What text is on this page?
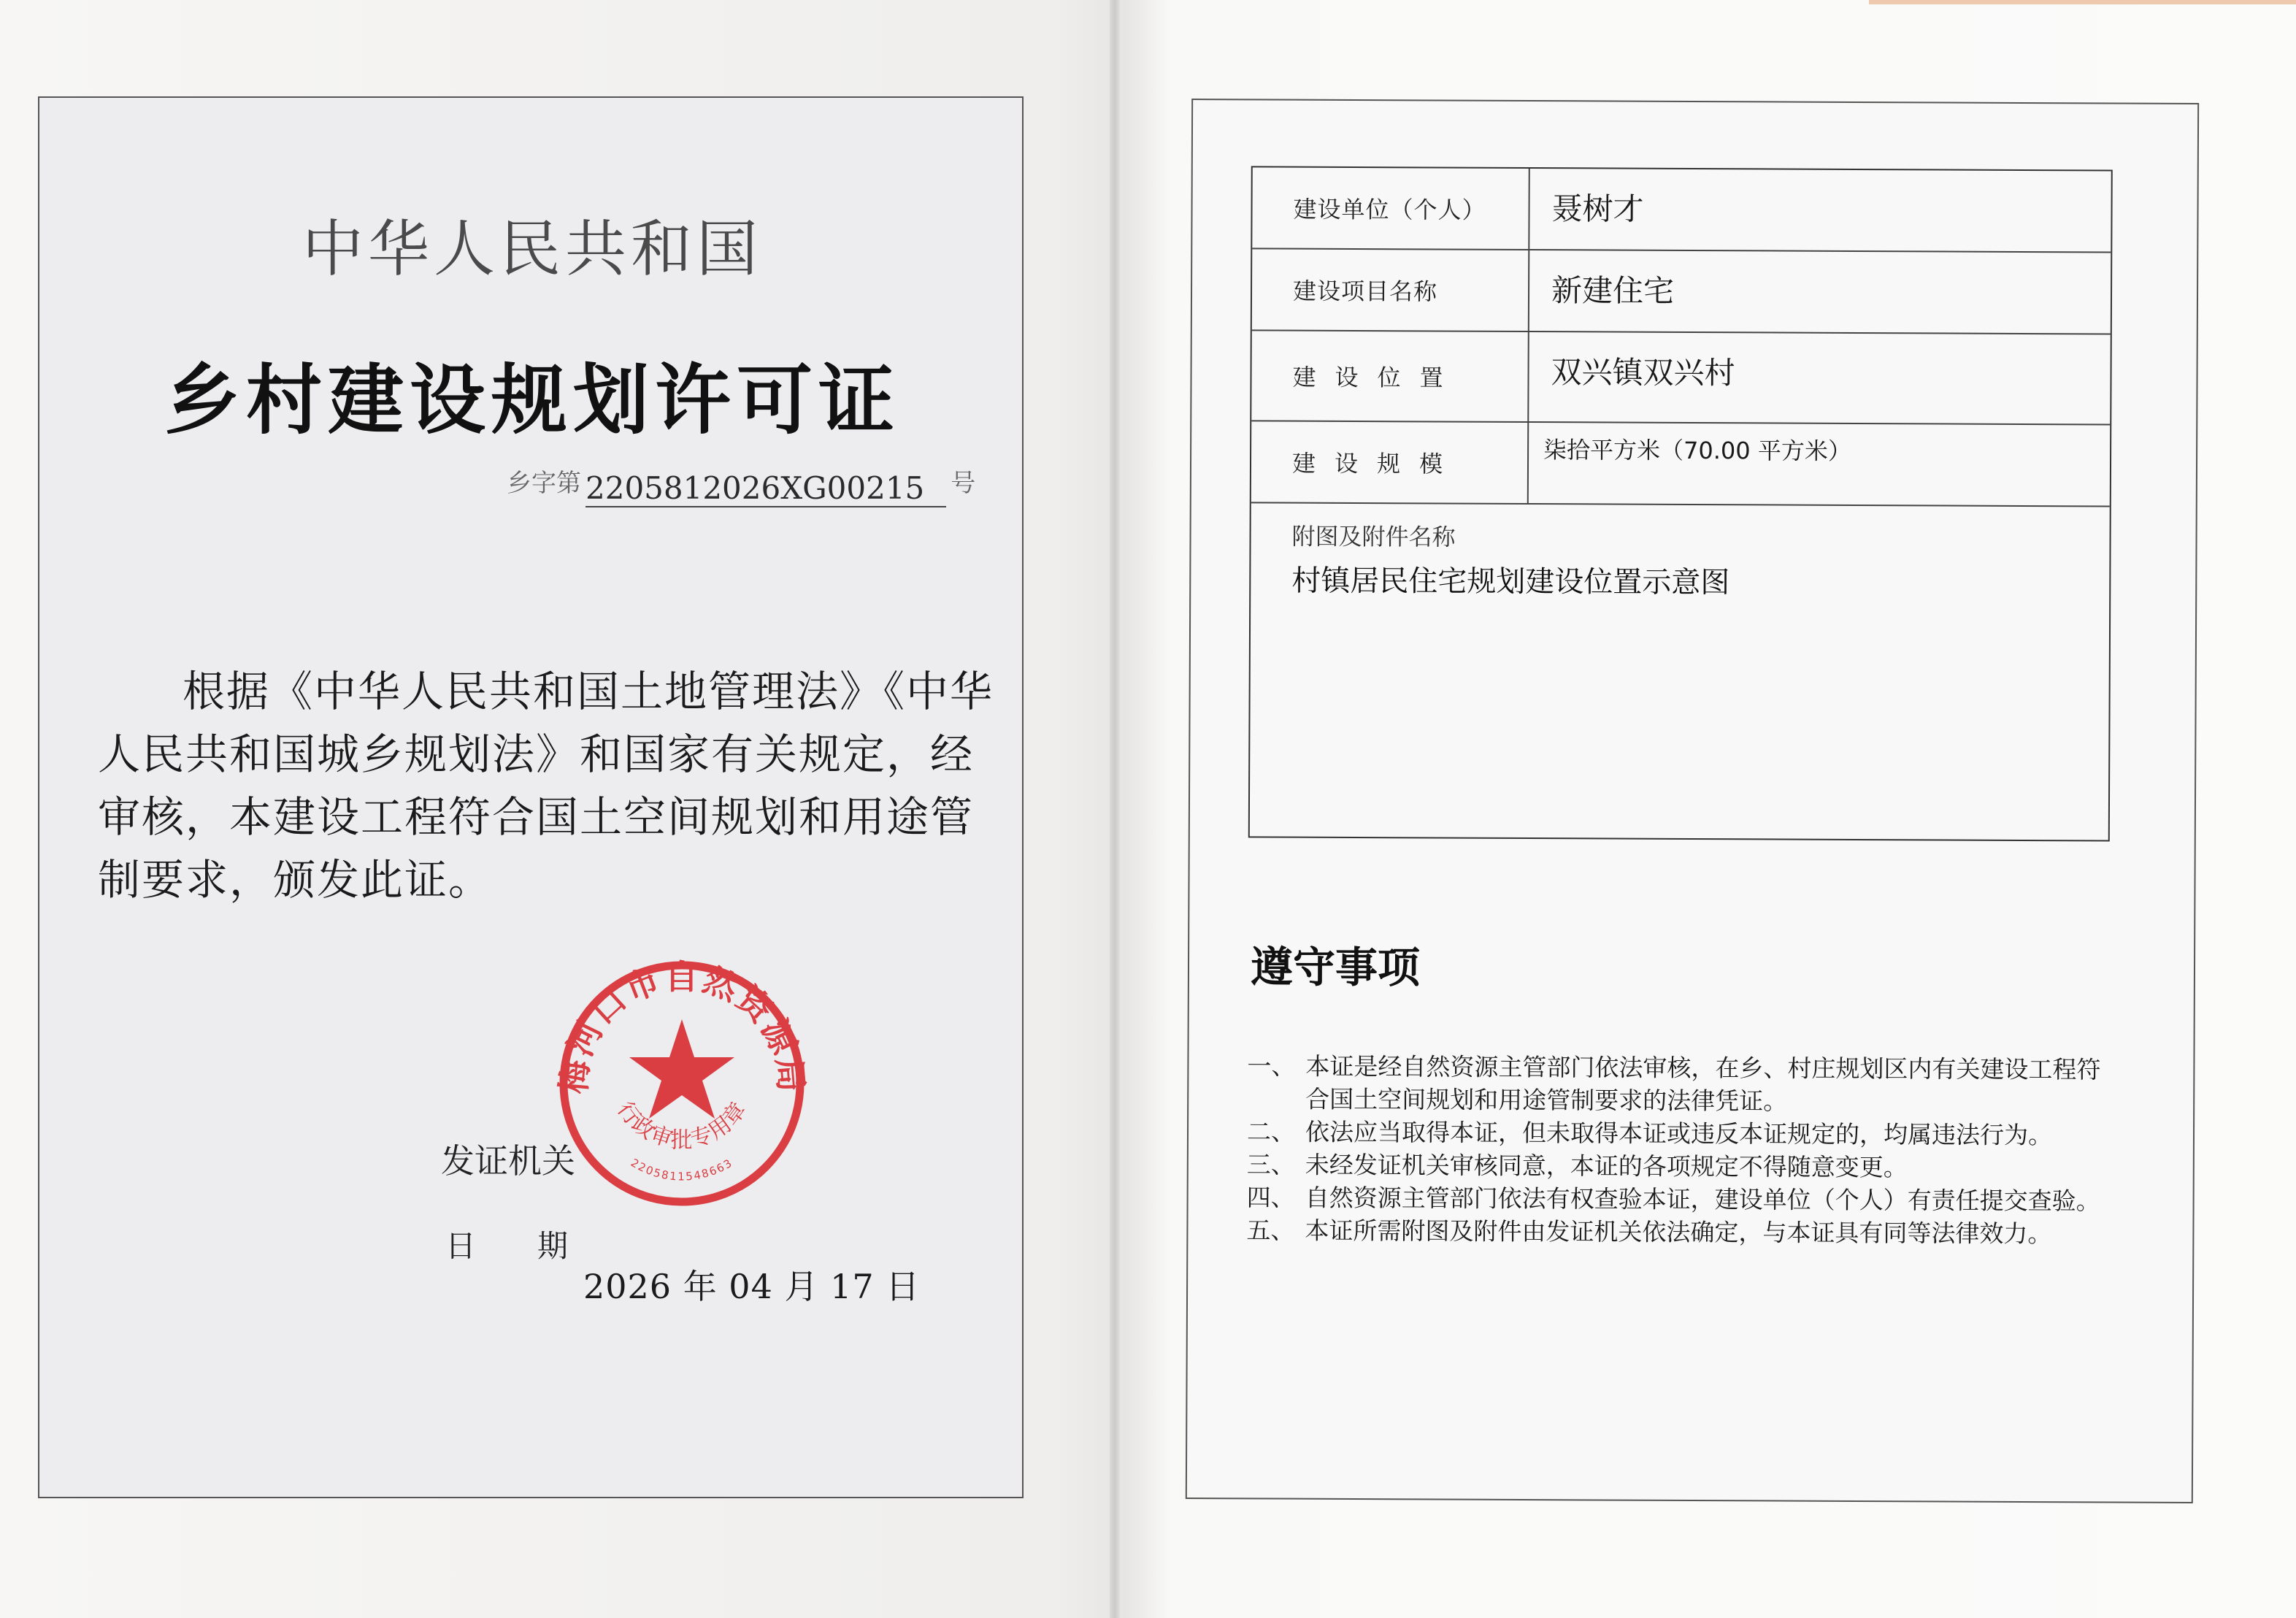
中华人民共和国
乡村建设规划许可证
乡字第 2205812026XG00215 号
根据《中华人民共和国土地管理法》《中华人民共和国城乡规划法》和国家有关规定，经审核，本建设工程符合国土空间规划和用途管制要求，颁发此证。
发证机关
梅河口市自然资源局
行政审批专用章
2205811548663
日　　期
2026 年 04 月 17 日
建设单位（个人）	聂树才
建设项目名称	新建住宅
建设位置	双兴镇双兴村
建设规模	柒拾平方米（70.00 平方米）
附图及附件名称
村镇居民住宅规划建设位置示意图
遵守事项
一、 本证是经自然资源主管部门依法审核，在乡、村庄规划区内有关建设工程符合国土空间规划和用途管制要求的法律凭证。
二、 依法应当取得本证，但未取得本证或违反本证规定的，均属违法行为。
三、 未经发证机关审核同意，本证的各项规定不得随意变更。
四、 自然资源主管部门依法有权查验本证，建设单位（个人）有责任提交查验。
五、 本证所需附图及附件由发证机关依法确定，与本证具有同等法律效力。
